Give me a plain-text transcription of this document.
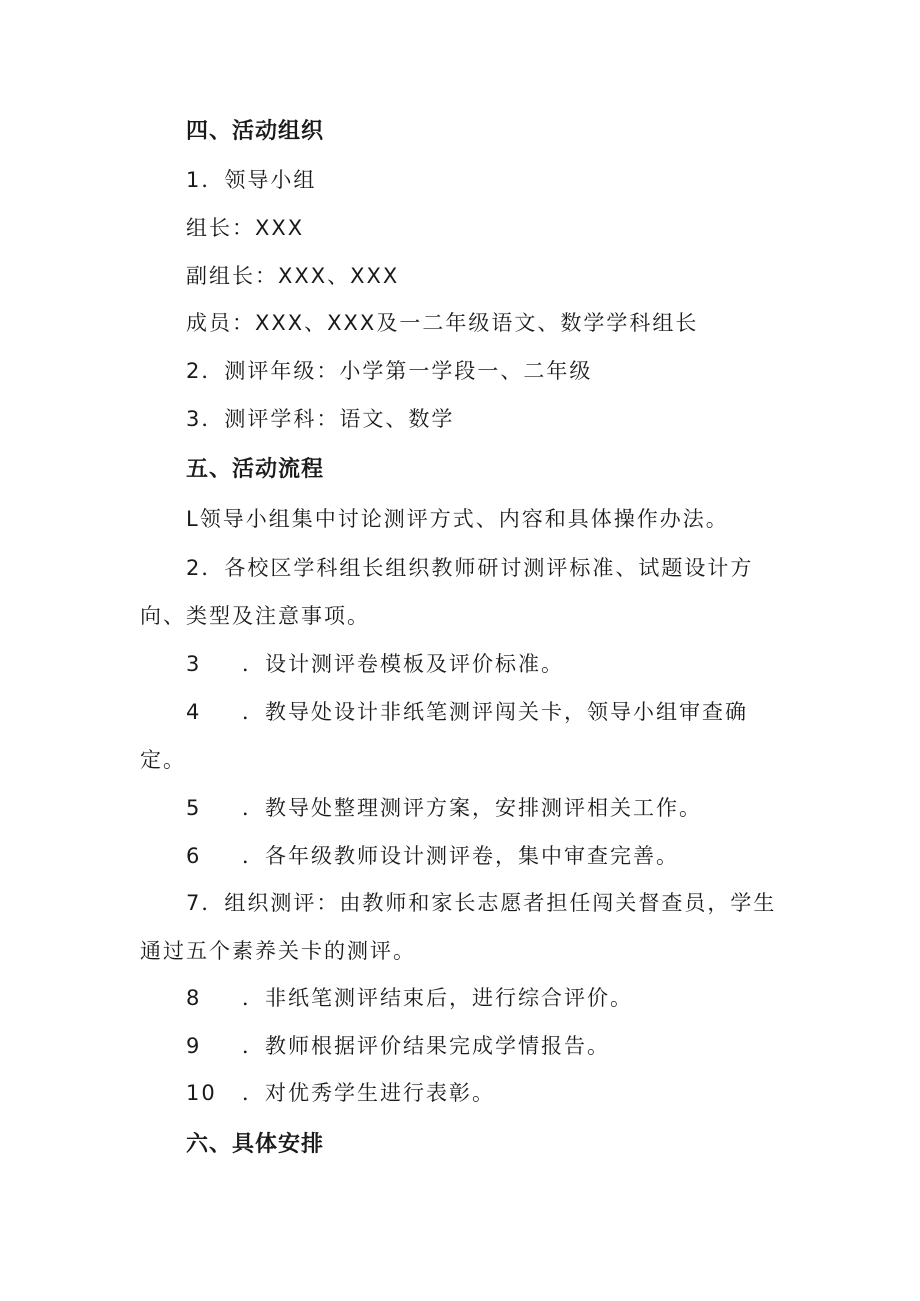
四、活动组织
1．领导小组
组长：XXX
副组长：XXX、XXX
成员：XXX、XXX及一二年级语文、数学学科组长
2．测评年级：小学第一学段一、二年级
3．测评学科：语文、数学
五、活动流程
L领导小组集中讨论测评方式、内容和具体操作办法。
2．各校区学科组长组织教师研讨测评标准、试题设计方
向、类型及注意事项。
3 ．设计测评卷模板及评价标准。
4 ．教导处设计非纸笔测评闯关卡，领导小组审查确
定。
5 ．教导处整理测评方案，安排测评相关工作。
6 ．各年级教师设计测评卷，集中审查完善。
7．组织测评：由教师和家长志愿者担任闯关督查员，学生
通过五个素养关卡的测评。
8 ．非纸笔测评结束后，进行综合评价。
9 ．教师根据评价结果完成学情报告。
10 ．对优秀学生进行表彰。
六、具体安排
